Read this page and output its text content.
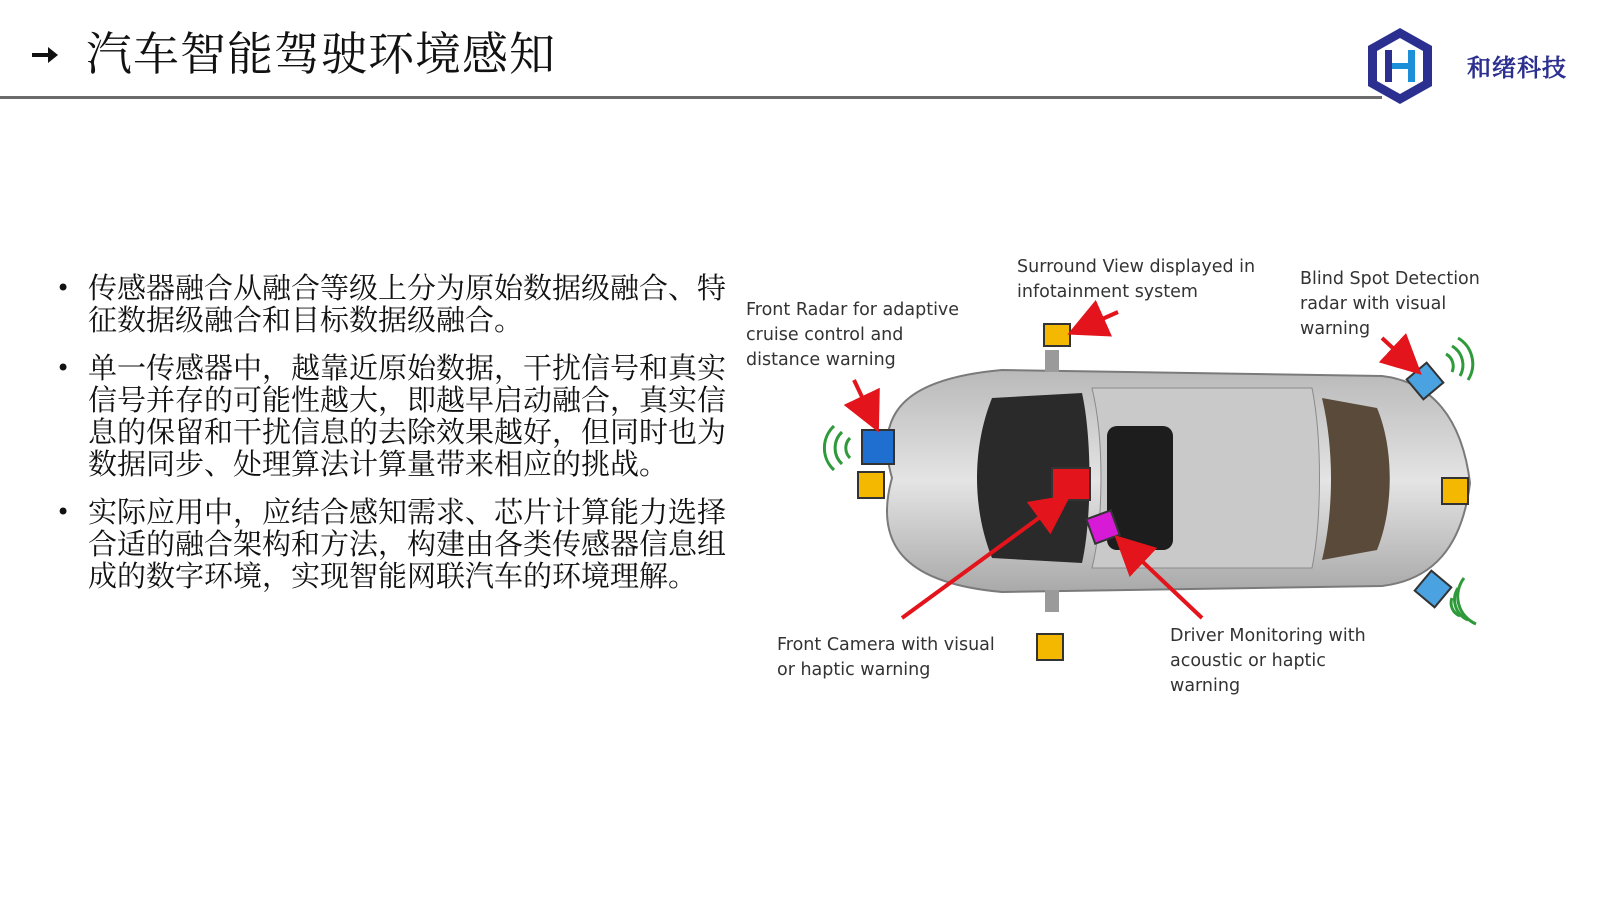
汽车智能驾驶环境感知	和绪科技
• 传感器融合从融合等级上分为原始数据级融合、特征数据级融合和目标数据级融合。
• 单一传感器中，越靠近原始数据，干扰信号和真实信号并存的可能性越大，即越早启动融合，真实信息的保留和干扰信息的去除效果越好，但同时也为数据同步、处理算法计算量带来相应的挑战。
• 实际应用中，应结合感知需求、芯片计算能力选择合适的融合架构和方法，构建由各类传感器信息组成的数字环境，实现智能网联汽车的环境理解。
Surround View displayed in
infotainment system
Blind Spot Detection
radar with visual
warning
Front Radar for adaptive
cruise control and
distance warning
Front Camera with visual
or haptic warning
Driver Monitoring with
acoustic or haptic
warning
